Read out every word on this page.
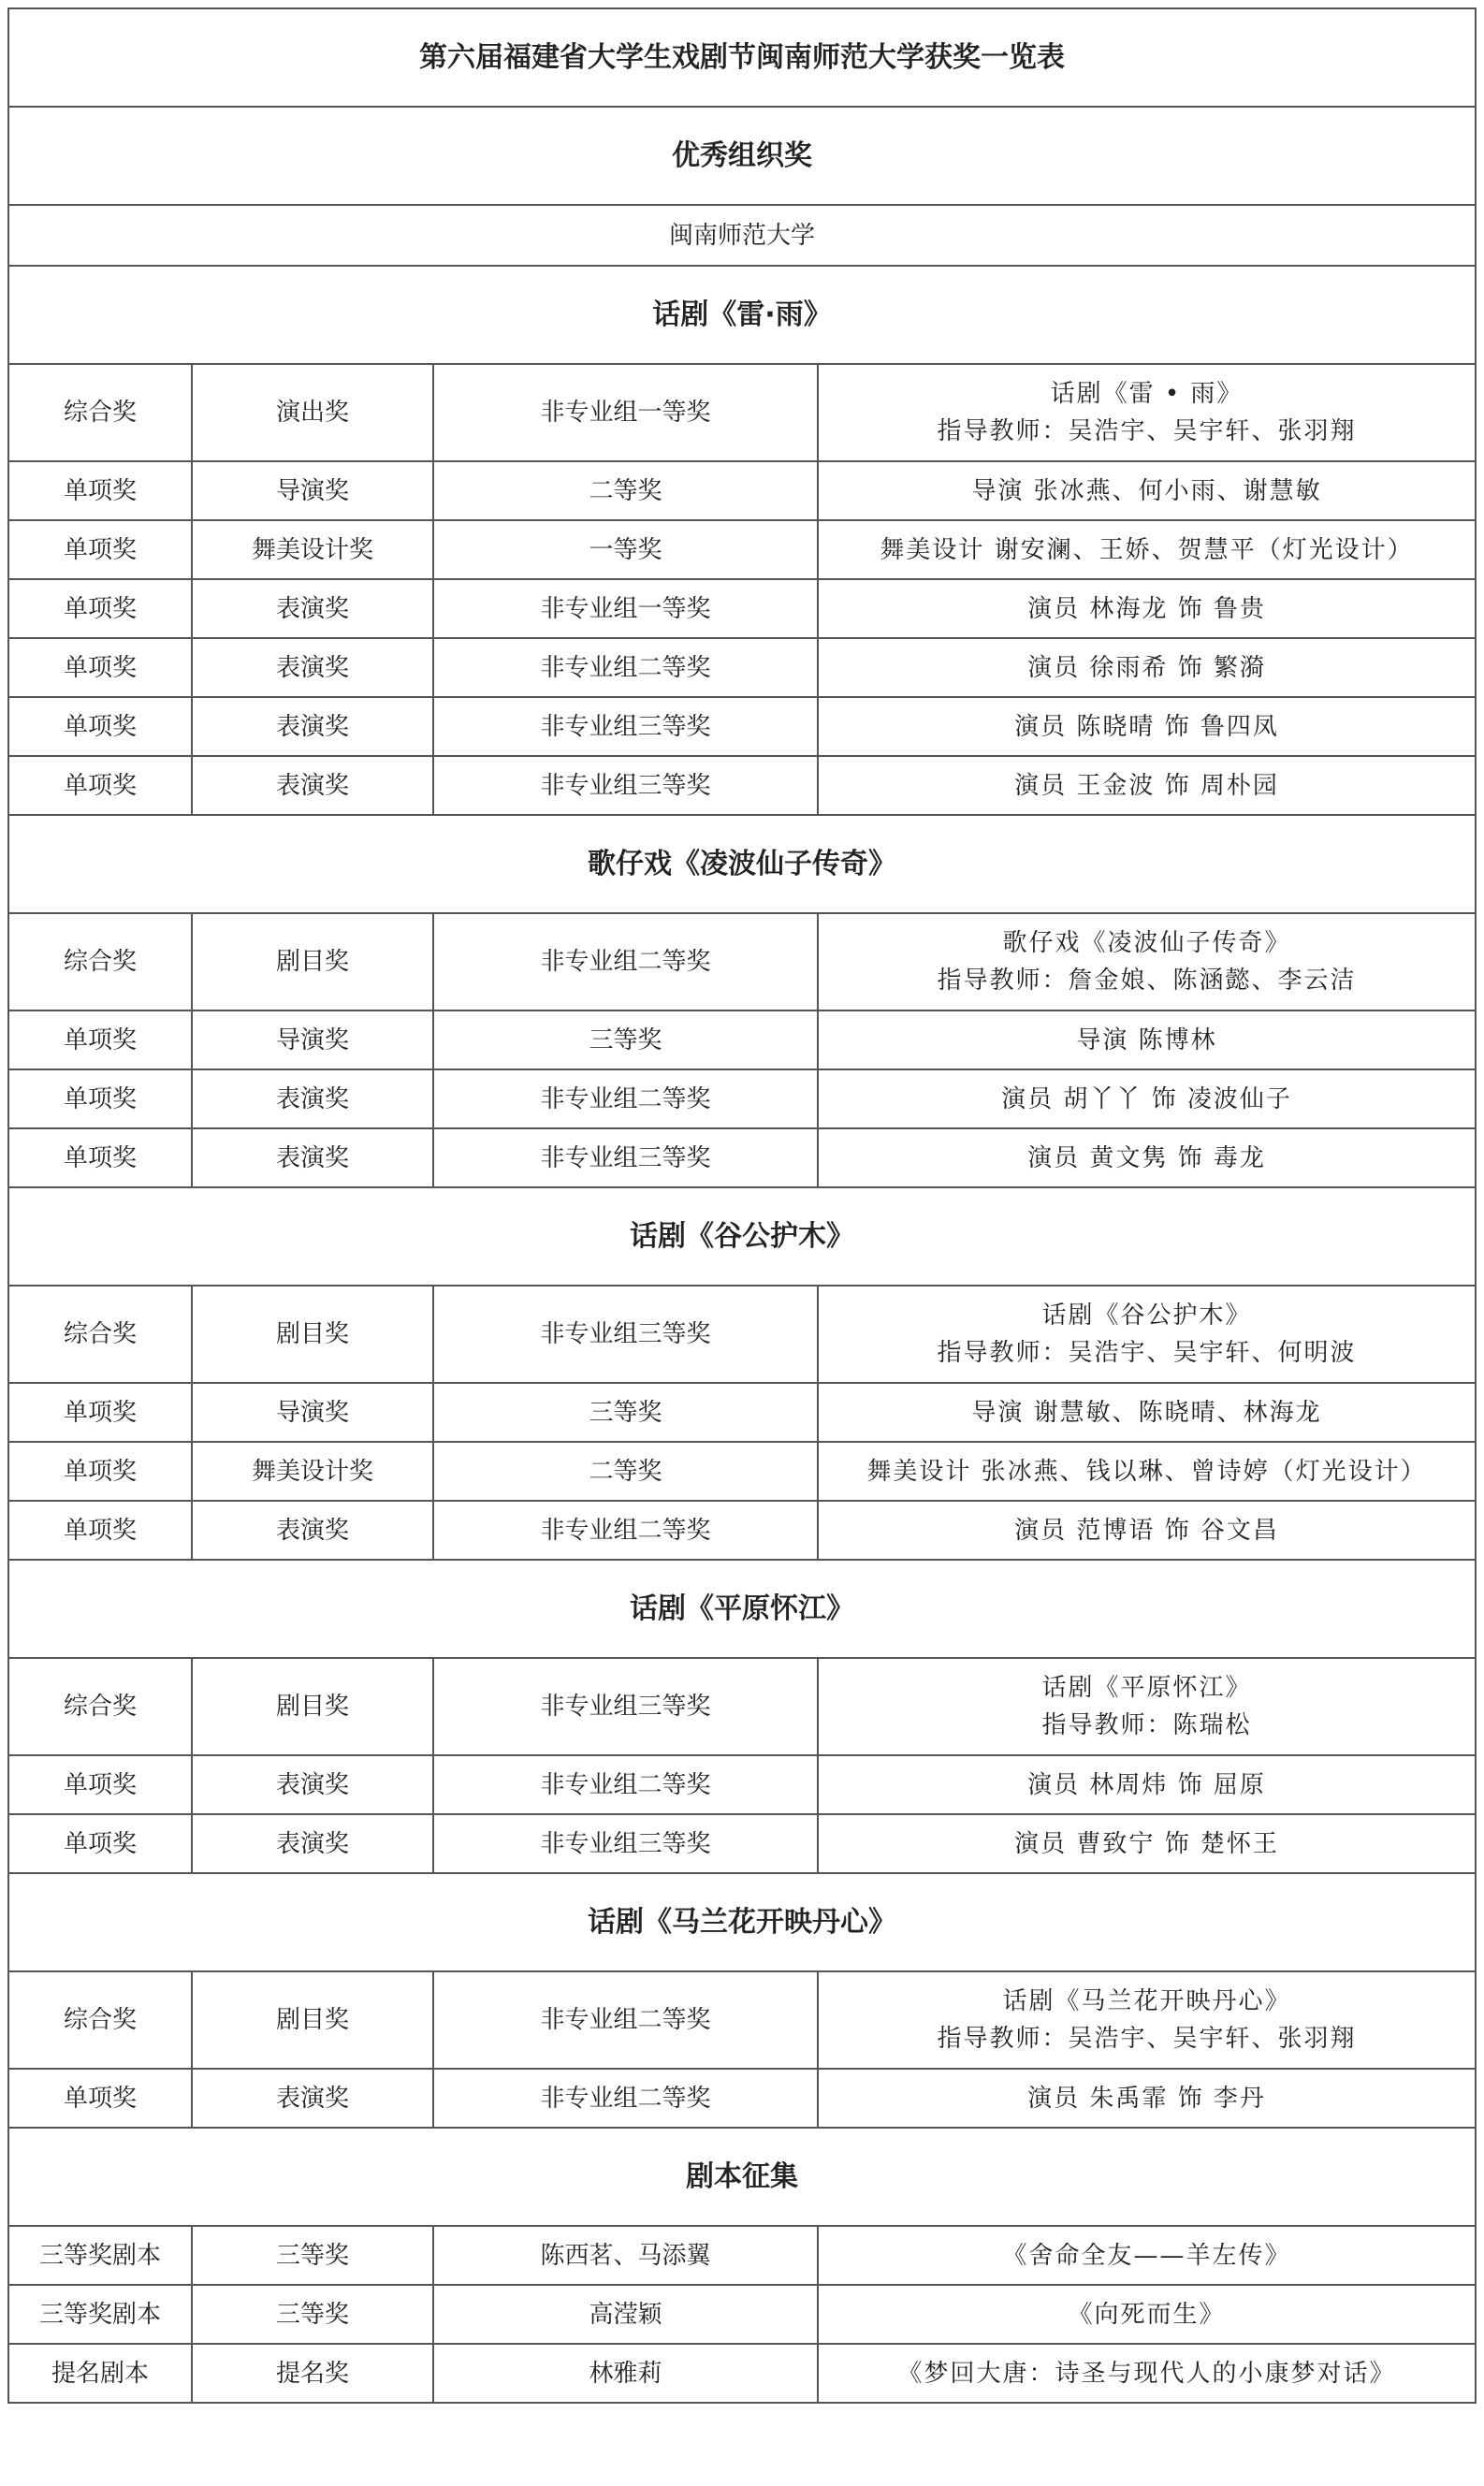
第六届福建省大学生戏剧节闽南师范大学获奖一览表			
优秀组织奖			
闽南师范大学			
话剧《雷·雨》			
综合奖	演出奖	非专业组一等奖	话剧《雷 • 雨》
指导教师：吴浩宇、吴宇轩、张羽翔

单项奖	导演奖	二等奖	导演 张冰燕、何小雨、谢慧敏

单项奖	舞美设计奖	一等奖	舞美设计 谢安澜、王娇、贺慧平（灯光设计）

单项奖	表演奖	非专业组一等奖	演员 林海龙 饰 鲁贵

单项奖	表演奖	非专业组二等奖	演员 徐雨希 饰 繁漪

单项奖	表演奖	非专业组三等奖	演员 陈晓晴 饰 鲁四凤

单项奖	表演奖	非专业组三等奖	演员 王金波 饰 周朴园

歌仔戏《凌波仙子传奇》			
综合奖	剧目奖	非专业组二等奖	歌仔戏《凌波仙子传奇》
指导教师：詹金娘、陈涵懿、李云洁

单项奖	导演奖	三等奖	导演 陈博林

单项奖	表演奖	非专业组二等奖	演员 胡丫丫 饰 凌波仙子

单项奖	表演奖	非专业组三等奖	演员 黄文隽 饰 毒龙

话剧《谷公护木》			
综合奖	剧目奖	非专业组三等奖	话剧《谷公护木》
指导教师：吴浩宇、吴宇轩、何明波

单项奖	导演奖	三等奖	导演 谢慧敏、陈晓晴、林海龙

单项奖	舞美设计奖	二等奖	舞美设计 张冰燕、钱以琳、曾诗婷（灯光设计）

单项奖	表演奖	非专业组二等奖	演员 范博语 饰 谷文昌

话剧《平原怀江》			
综合奖	剧目奖	非专业组三等奖	话剧《平原怀江》
指导教师：陈瑞松

单项奖	表演奖	非专业组二等奖	演员 林周炜 饰 屈原

单项奖	表演奖	非专业组三等奖	演员 曹致宁 饰 楚怀王

话剧《马兰花开映丹心》			
综合奖	剧目奖	非专业组二等奖	话剧《马兰花开映丹心》
指导教师：吴浩宇、吴宇轩、张羽翔

单项奖	表演奖	非专业组二等奖	演员 朱禹霏 饰 李丹

剧本征集			
三等奖剧本	三等奖	陈西茗、马添翼	《舍命全友——羊左传》

三等奖剧本	三等奖	高滢颖	《向死而生》

提名剧本	提名奖	林雅莉	《梦回大唐：诗圣与现代人的小康梦对话》
